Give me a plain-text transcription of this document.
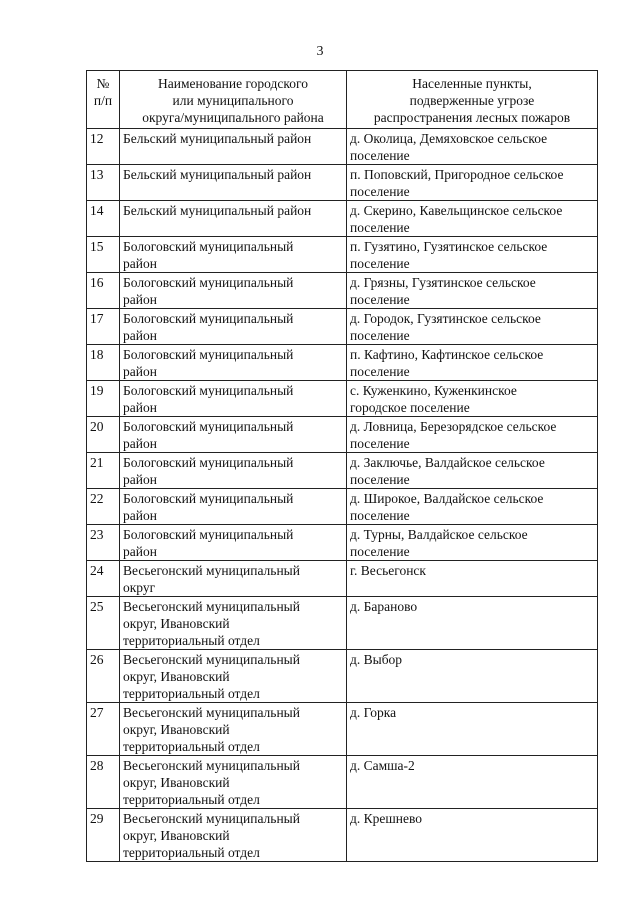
3
№
п/п	Наименование городского
или муниципального
округа/муниципального района	Населенные пункты,
подверженные угрозе
распространения лесных пожаров

12	Бельский муниципальный район	д. Околица, Демяховское сельское
поселение

13	Бельский муниципальный район	п. Поповский, Пригородное сельское
поселение

14	Бельский муниципальный район	д. Скерино, Кавельщинское сельское
поселение

15	Бологовский муниципальный
район	п. Гузятино, Гузятинское сельское
поселение

16	Бологовский муниципальный
район	д. Грязны, Гузятинское сельское
поселение

17	Бологовский муниципальный
район	д. Городок, Гузятинское сельское
поселение

18	Бологовский муниципальный
район	п. Кафтино, Кафтинское сельское
поселение

19	Бологовский муниципальный
район	с. Куженкино, Куженкинское
городское поселение

20	Бологовский муниципальный
район	д. Ловница, Березорядское сельское
поселение

21	Бологовский муниципальный
район	д. Заключье, Валдайское сельское
поселение

22	Бологовский муниципальный
район	д. Широкое, Валдайское сельское
поселение

23	Бологовский муниципальный
район	д. Турны, Валдайское сельское
поселение

24	Весьегонский муниципальный
округ	г. Весьегонск

25	Весьегонский муниципальный
округ, Ивановский
территориальный отдел	д. Бараново

26	Весьегонский муниципальный
округ, Ивановский
территориальный отдел	д. Выбор

27	Весьегонский муниципальный
округ, Ивановский
территориальный отдел	д. Горка

28	Весьегонский муниципальный
округ, Ивановский
территориальный отдел	д. Самша-2

29	Весьегонский муниципальный
округ, Ивановский
территориальный отдел	д. Крешнево
